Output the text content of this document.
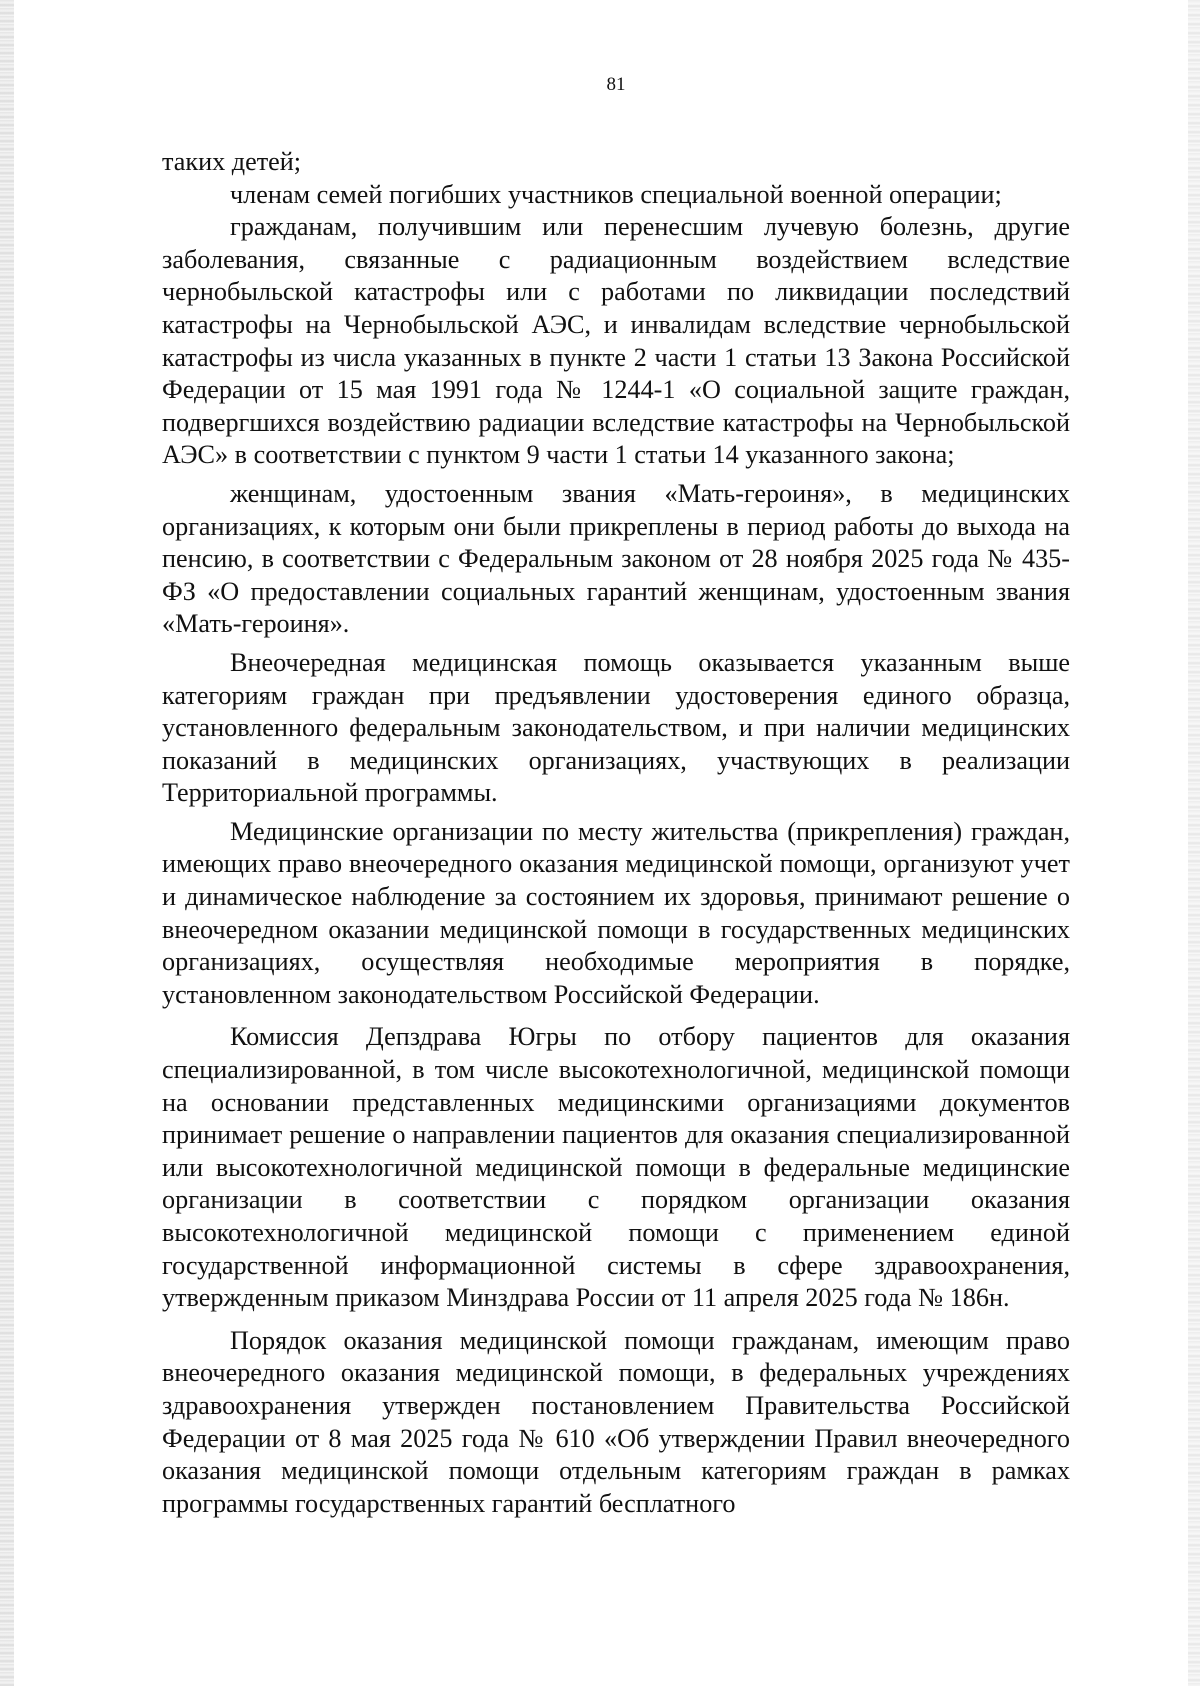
81

таких детей;

членам семей погибших участников специальной военной операции;

гражданам, получившим или перенесшим лучевую болезнь, другие заболевания, связанные с радиационным воздействием вследствие чернобыльской катастрофы или с работами по ликвидации последствий катастрофы на Чернобыльской АЭС, и инвалидам вследствие чернобыльской катастрофы из числа указанных в пункте 2 части 1 статьи 13 Закона Российской Федерации от 15 мая 1991 года № 1244-1 «О социальной защите граждан, подвергшихся воздействию радиации вследствие катастрофы на Чернобыльской АЭС» в соответствии с пунктом 9 части 1 статьи 14 указанного закона;

женщинам, удостоенным звания «Мать-героиня», в медицинских организациях, к которым они были прикреплены в период работы до выхода на пенсию, в соответствии с Федеральным законом от 28 ноября 2025 года № 435-ФЗ «О предоставлении социальных гарантий женщинам, удостоенным звания «Мать-героиня».

Внеочередная медицинская помощь оказывается указанным выше категориям граждан при предъявлении удостоверения единого образца, установленного федеральным законодательством, и при наличии медицинских показаний в медицинских организациях, участвующих в реализации Территориальной программы.

Медицинские организации по месту жительства (прикрепления) граждан, имеющих право внеочередного оказания медицинской помощи, организуют учет и динамическое наблюдение за состоянием их здоровья, принимают решение о внеочередном оказании медицинской помощи в государственных медицинских организациях, осуществляя необходимые мероприятия в порядке, установленном законодательством Российской Федерации.

Комиссия Депздрава Югры по отбору пациентов для оказания специализированной, в том числе высокотехнологичной, медицинской помощи на основании представленных медицинскими организациями документов принимает решение о направлении пациентов для оказания специализированной или высокотехнологичной медицинской помощи в федеральные медицинские организации в соответствии с порядком организации оказания высокотехнологичной медицинской помощи с применением единой государственной информационной системы в сфере здравоохранения, утвержденным приказом Минздрава России от 11 апреля 2025 года № 186н.

Порядок оказания медицинской помощи гражданам, имеющим право внеочередного оказания медицинской помощи, в федеральных учреждениях здравоохранения утвержден постановлением Правительства Российской Федерации от 8 мая 2025 года № 610 «Об утверждении Правил внеочередного оказания медицинской помощи отдельным категориям граждан в рамках программы государственных гарантий бесплатного
